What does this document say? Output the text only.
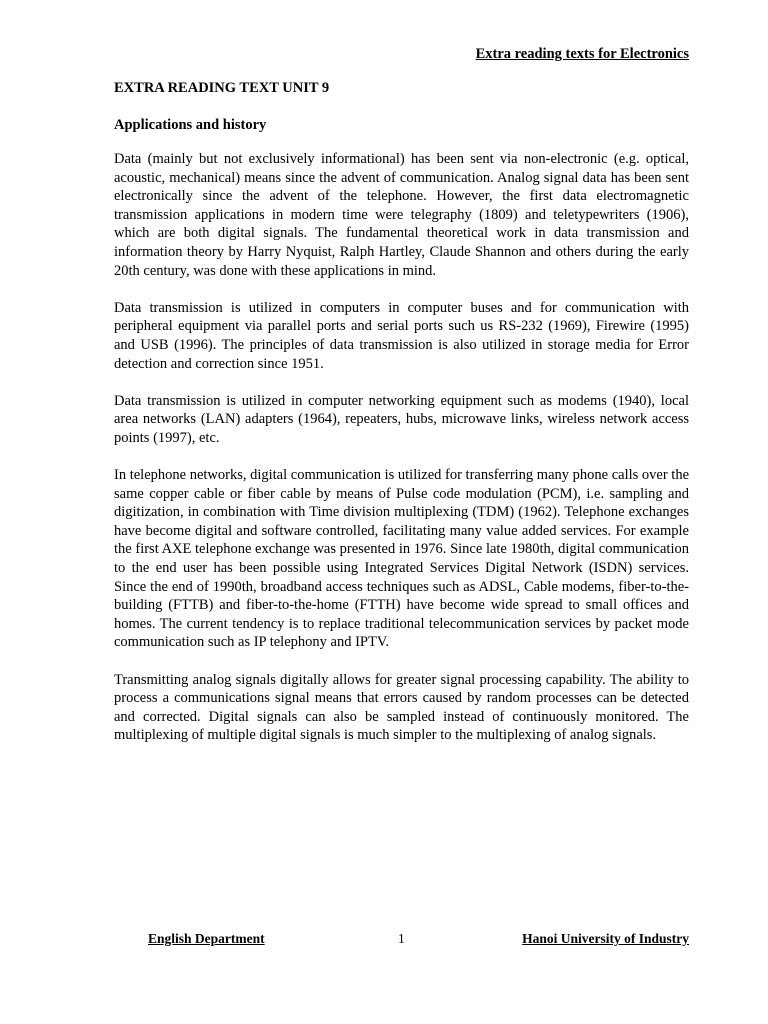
Extra reading texts for Electronics
EXTRA READING TEXT UNIT 9
Applications and history

Data (mainly but not exclusively informational) has been sent via non-electronic (e.g. optical, acoustic, mechanical) means since the advent of communication. Analog signal data has been sent electronically since the advent of the telephone. However, the first data electromagnetic transmission applications in modern time were telegraphy (1809) and teletypewriters (1906), which are both digital signals. The fundamental theoretical work in data transmission and information theory by Harry Nyquist, Ralph Hartley, Claude Shannon and others during the early 20th century, was done with these applications in mind.

Data transmission is utilized in computers in computer buses and for communication with peripheral equipment via parallel ports and serial ports such us RS-232 (1969), Firewire (1995) and USB (1996). The principles of data transmission is also utilized in storage media for Error detection and correction since 1951.

Data transmission is utilized in computer networking equipment such as modems (1940), local area networks (LAN) adapters (1964), repeaters, hubs, microwave links, wireless network access points (1997), etc.

In telephone networks, digital communication is utilized for transferring many phone calls over the same copper cable or fiber cable by means of Pulse code modulation (PCM), i.e. sampling and digitization, in combination with Time division multiplexing (TDM) (1962). Telephone exchanges have become digital and software controlled, facilitating many value added services. For example the first AXE telephone exchange was presented in 1976. Since late 1980th, digital communication to the end user has been possible using Integrated Services Digital Network (ISDN) services. Since the end of 1990th, broadband access techniques such as ADSL, Cable modems, fiber-to-the-building (FTTB) and fiber-to-the-home (FTTH) have become wide spread to small offices and homes. The current tendency is to replace traditional telecommunication services by packet mode communication such as IP telephony and IPTV.

Transmitting analog signals digitally allows for greater signal processing capability. The ability to process a communications signal means that errors caused by random processes can be detected and corrected. Digital signals can also be sampled instead of continuously monitored. The multiplexing of multiple digital signals is much simpler to the multiplexing of analog signals.

English Department	1	Hanoi University of Industry
